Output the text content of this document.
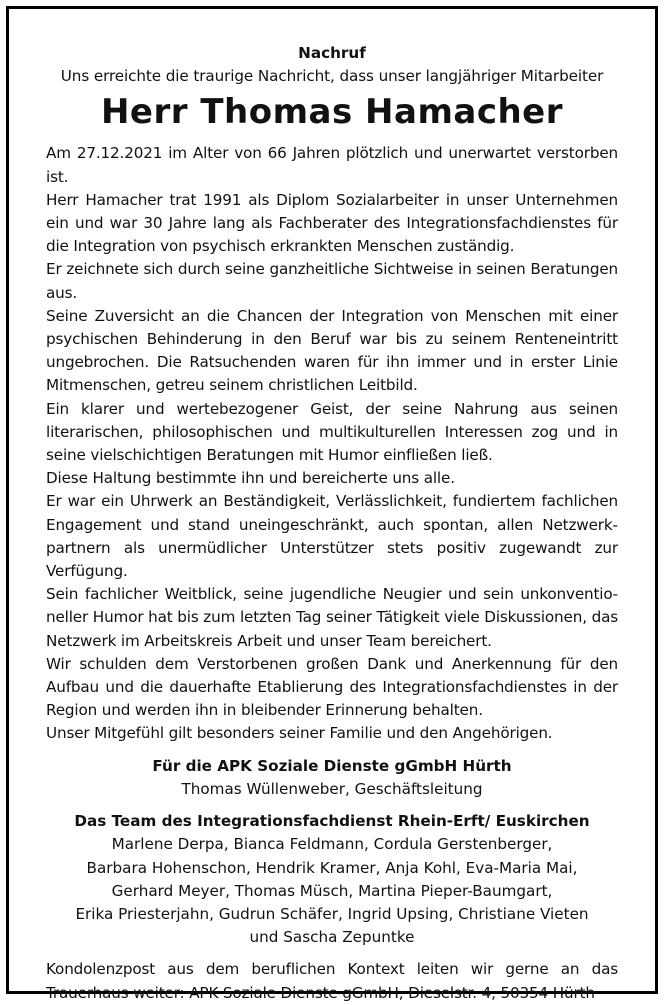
Nachruf
Uns erreichte die traurige Nachricht, dass unser langjähriger Mitarbeiter
Herr Thomas Hamacher
Am 27.12.2021 im Alter von 66 Jahren plötzlich und unerwartet verstorben ist.
Herr Hamacher trat 1991 als Diplom Sozialarbeiter in unser Unternehmen ein und war 30 Jahre lang als Fachberater des Integrationsfachdienstes für die Integration von psychisch erkrankten Menschen zuständig.
Er zeichnete sich durch seine ganzheitliche Sichtweise in seinen Beratungen aus.
Seine Zuversicht an die Chancen der Integration von Menschen mit einer psychischen Behinderung in den Beruf war bis zu seinem Renteneintritt ungebrochen. Die Ratsuchenden waren für ihn immer und in erster Linie Mitmenschen, getreu seinem christlichen Leitbild.
Ein klarer und wertebezogener Geist, der seine Nahrung aus seinen literarischen, philosophischen und multikulturellen Interessen zog und in seine vielschichtigen Beratungen mit Humor einfließen ließ.
Diese Haltung bestimmte ihn und bereicherte uns alle.
Er war ein Uhrwerk an Beständigkeit, Verlässlichkeit, fundiertem fachlichen Engagement und stand uneingeschränkt, auch spontan, allen Netzwerkpartnern als unermüdlicher Unterstützer stets positiv zugewandt zur Verfügung.
Sein fachlicher Weitblick, seine jugendliche Neugier und sein unkonventioneller Humor hat bis zum letzten Tag seiner Tätigkeit viele Diskussionen, das Netzwerk im Arbeitskreis Arbeit und unser Team bereichert.
Wir schulden dem Verstorbenen großen Dank und Anerkennung für den Aufbau und die dauerhafte Etablierung des Integrationsfachdienstes in der Region und werden ihn in bleibender Erinnerung behalten.
Unser Mitgefühl gilt besonders seiner Familie und den Angehörigen.
Für die APK Soziale Dienste gGmbH Hürth
Thomas Wüllenweber, Geschäftsleitung
Das Team des Integrationsfachdienst Rhein-Erft/ Euskirchen
Marlene Derpa, Bianca Feldmann, Cordula Gerstenberger,
Barbara Hohenschon, Hendrik Kramer, Anja Kohl, Eva-Maria Mai,
Gerhard Meyer, Thomas Müsch, Martina Pieper-Baumgart,
Erika Priesterjahn, Gudrun Schäfer, Ingrid Upsing, Christiane Vieten
und Sascha Zepuntke
Kondolenzpost aus dem beruflichen Kontext leiten wir gerne an das Trauerhaus weiter: APK Soziale Dienste gGmbH, Dieselstr. 4, 50354 Hürth
